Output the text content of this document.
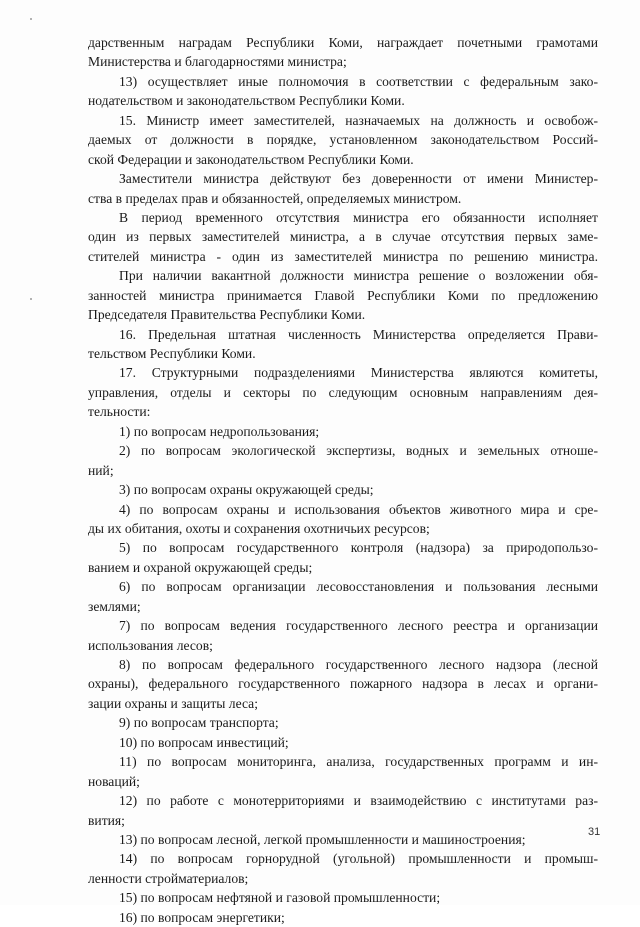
дарственным наградам Республики Коми, награждает почетными грамотами
Министерства и благодарностями министра;
13) осуществляет иные полномочия в соответствии с федеральным зако-
нодательством и законодательством Республики Коми.
15. Министр имеет заместителей, назначаемых на должность и освобож-
даемых от должности в порядке, установленном законодательством Россий-
ской Федерации и законодательством Республики Коми.
Заместители министра действуют без доверенности от имени Министер-
ства в пределах прав и обязанностей, определяемых министром.
В период временного отсутствия министра его обязанности исполняет
один из первых заместителей министра, а в случае отсутствия первых заме-
стителей министра - один из заместителей министра по решению министра.
При наличии вакантной должности министра решение о возложении обя-
занностей министра принимается Главой Республики Коми по предложению
Председателя Правительства Республики Коми.
16. Предельная штатная численность Министерства определяется Прави-
тельством Республики Коми.
17. Структурными подразделениями Министерства являются комитеты,
управления, отделы и секторы по следующим основным направлениям дея-
тельности:
1) по вопросам недропользования;
2) по вопросам экологической экспертизы, водных и земельных отноше-
ний;
3) по вопросам охраны окружающей среды;
4) по вопросам охраны и использования объектов животного мира и сре-
ды их обитания, охоты и сохранения охотничьих ресурсов;
5) по вопросам государственного контроля (надзора) за природопользо-
ванием и охраной окружающей среды;
6) по вопросам организации лесовосстановления и пользования лесными
землями;
7) по вопросам ведения государственного лесного реестра и организации
использования лесов;
8) по вопросам федерального государственного лесного надзора (лесной
охраны), федерального государственного пожарного надзора в лесах и органи-
зации охраны и защиты леса;
9) по вопросам транспорта;
10) по вопросам инвестиций;
11) по вопросам мониторинга, анализа, государственных программ и ин-
новаций;
12) по работе с монотерриториями и взаимодействию с институтами раз-
вития;
13) по вопросам лесной, легкой промышленности и машиностроения;
14) по вопросам горнорудной (угольной) промышленности и промыш-
ленности стройматериалов;
15) по вопросам нефтяной и газовой промышленности;
16) по вопросам энергетики;
31
